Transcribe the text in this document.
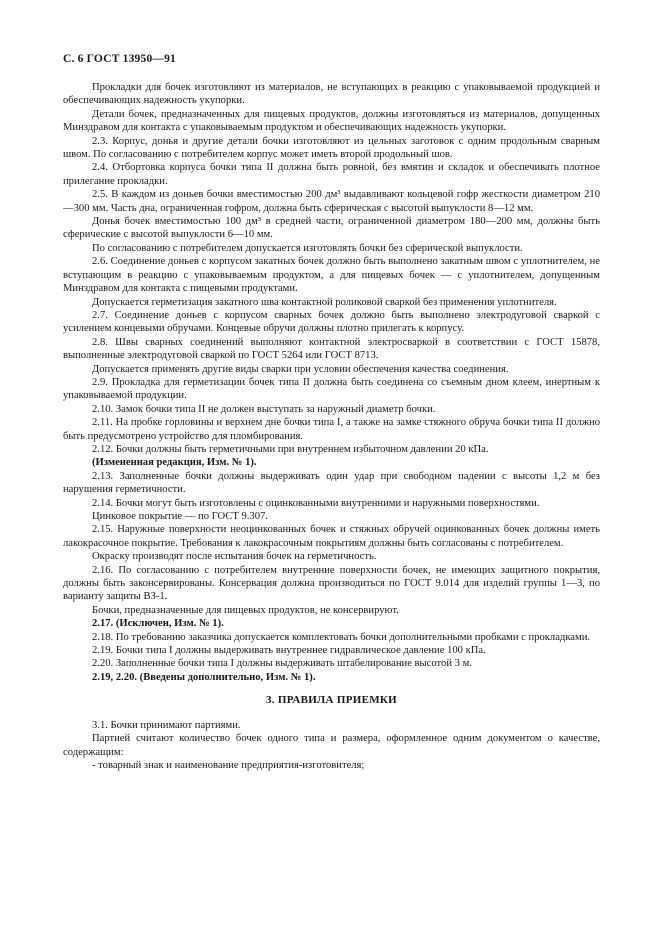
С. 6 ГОСТ 13950—91

Прокладки для бочек изготовляют из материалов, не вступающих в реакцию с упаковываемой продукцией и обеспечивающих надежность укупорки.

Детали бочек, предназначенных для пищевых продуктов, должны изготовляться из материалов, допущенных Минздравом для контакта с упаковываемым продуктом и обеспечивающих надежность укупорки.

2.3. Корпус, донья и другие детали бочки изготовляют из цельных заготовок с одним продольным сварным швом. По согласованию с потребителем корпус может иметь второй продольный шов.

2.4. Отбортовка корпуса бочки типа II должна быть ровной, без вмятин и складок и обеспечивать плотное прилегание прокладки.

2.5. В каждом из доньев бочки вместимостью 200 дм³ выдавливают кольцевой гофр жесткости диаметром 210—300 мм. Часть дна, ограниченная гофром, должна быть сферическая с высотой выпуклости 8—12 мм.

Донья бочек вместимостью 100 дм³ в средней части, ограниченной диаметром 180—200 мм, должны быть сферические с высотой выпуклости 6—10 мм.

По согласованию с потребителем допускается изготовлять бочки без сферической выпуклости.

2.6. Соединение доньев с корпусом закатных бочек должно быть выполнено закатным швом с уплотнителем, не вступающим в реакцию с упаковываемым продуктом, а для пищевых бочек — с уплотнителем, допущенным Минздравом для контакта с пищевыми продуктами.

Допускается герметизация закатного шва контактной роликовой сваркой без применения уплотнителя.

2.7. Соединение доньев с корпусом сварных бочек должно быть выполнено электродуговой сваркой с усилением концевыми обручами. Концевые обручи должны плотно прилегать к корпусу.

2.8. Швы сварных соединений выполняют контактной электросваркой в соответствии с ГОСТ 15878, выполненные электродуговой сваркой по ГОСТ 5264 или ГОСТ 8713.

Допускается применять другие виды сварки при условии обеспечения качества соединения.

2.9. Прокладка для герметизации бочек типа II должна быть соединена со съемным дном клеем, инертным к упаковываемой продукции.

2.10. Замок бочки типа II не должен выступать за наружный диаметр бочки.

2.11. На пробке горловины и верхнем дне бочки типа I, а также на замке стяжного обруча бочки типа II должно быть предусмотрено устройство для пломбирования.

2.12. Бочки должны быть герметичными при внутреннем избыточном давлении 20 кПа.

(Измененная редакция, Изм. № 1).

2.13. Заполненные бочки должны выдерживать один удар при свободном падении с высоты 1,2 м без нарушения герметичности.

2.14. Бочки могут быть изготовлены с оцинкованными внутренними и наружными поверхностями.

Цинковое покрытие — по ГОСТ 9.307.

2.15. Наружные поверхности неоцинкованных бочек и стяжных обручей оцинкованных бочек должны иметь лакокрасочное покрытие. Требования к лакокрасочным покрытиям должны быть согласованы с потребителем.

Окраску производят после испытания бочек на герметичность.

2.16. По согласованию с потребителем внутренние поверхности бочек, не имеющих защитного покрытия, должны быть законсервированы. Консервация должна производиться по ГОСТ 9.014 для изделий группы 1—3, по варианту защиты ВЗ-1.

Бочки, предназначенные для пищевых продуктов, не консервируют.

2.17. (Исключен, Изм. № 1).

2.18. По требованию заказчика допускается комплектовать бочки дополнительными пробками с прокладками.

2.19. Бочки типа I должны выдерживать внутреннее гидравлическое давление 100 кПа.

2.20. Заполненные бочки типа I должны выдерживать штабелирование высотой 3 м.

2.19, 2.20. (Введены дополнительно, Изм. № 1).

3. ПРАВИЛА ПРИЕМКИ

3.1. Бочки принимают партиями.

Партией считают количество бочек одного типа и размера, оформленное одним документом о качестве, содержащим:

- товарный знак и наименование предприятия-изготовителя;
